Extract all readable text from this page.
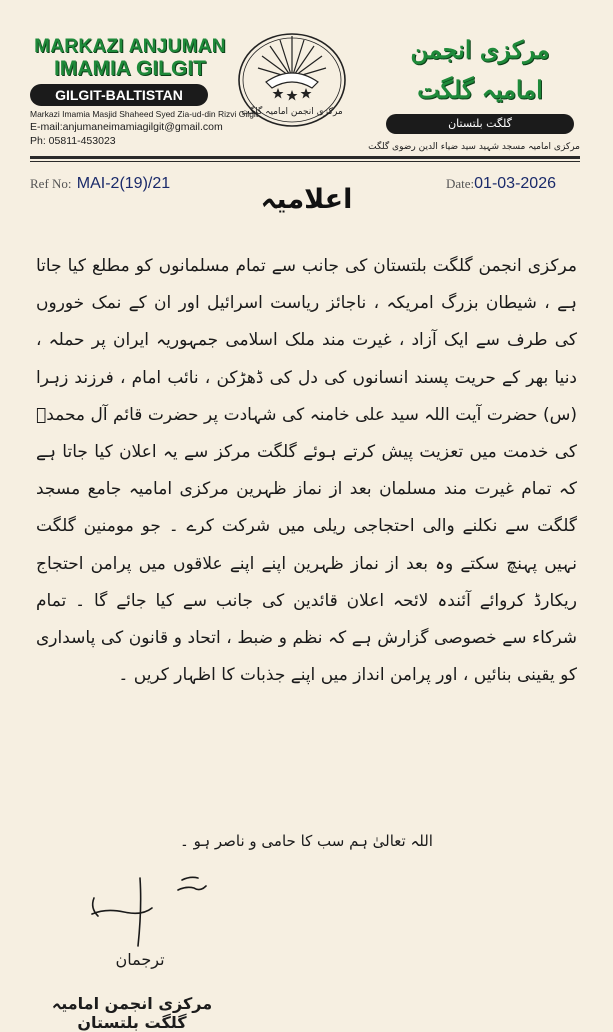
MARKAZI ANJUMAN
IMAMIA GILGIT
GILGIT-BALTISTAN
Markazi Imamia Masjid Shaheed Syed Zia-ud-din Rizvi Gilgit
E-mail:anjumaneimamiagilgit@gmail.com
Ph: 05811-453023
مرکزی انجمن امامیہ گلگت
مرکزی انجمن امامیہ گلگت
گلگت بلتستان
مرکزی امامیہ مسجد شہید سید ضیاء الدین رضوی گلگت
Ref No: MAI-2(19)/21	Date:01-03-2026
اعلامیہ
مرکزی انجمن گلگت بلتستان کی جانب سے تمام مسلمانوں کو مطلع کیا جاتا ہے ، شیطان بزرگ امریکہ ، ناجائز ریاست اسرائیل اور ان کے نمک خوروں کی طرف سے ایک آزاد ، غیرت مند ملک اسلامی جمہوریہ ایران پر حملہ ، دنیا بھر کے حریت پسند انسانوں کی دل کی ڈھڑکن ، نائب امام ، فرزند زہرا (س) حضرت آیت اللہ سید علی خامنہ کی شہادت پر حضرت قائم آل محمدؑ کی خدمت میں تعزیت پیش کرتے ہوئے گلگت مرکز سے یہ اعلان کیا جاتا ہے کہ تمام غیرت مند مسلمان بعد از نماز ظہرین مرکزی امامیہ جامع مسجد گلگت سے نکلنے والی احتجاجی ریلی میں شرکت کرے ۔ جو مومنین گلگت نہیں پہنچ سکتے وہ بعد از نماز ظہرین اپنے اپنے علاقوں میں پرامن احتجاج ریکارڈ کروائے آئندہ لائحہ اعلان قائدین کی جانب سے کیا جائے گا ۔ تمام شرکاء سے خصوصی گزارش ہے کہ نظم و ضبط ، اتحاد و قانون کی پاسداری کو یقینی بنائیں ، اور پرامن انداز میں اپنے جذبات کا اظہار کریں ۔
اللہ تعالیٰ ہم سب کا حامی و ناصر ہو ۔
ترجمان
مرکزی انجمن امامیہ گلگت بلتستان
